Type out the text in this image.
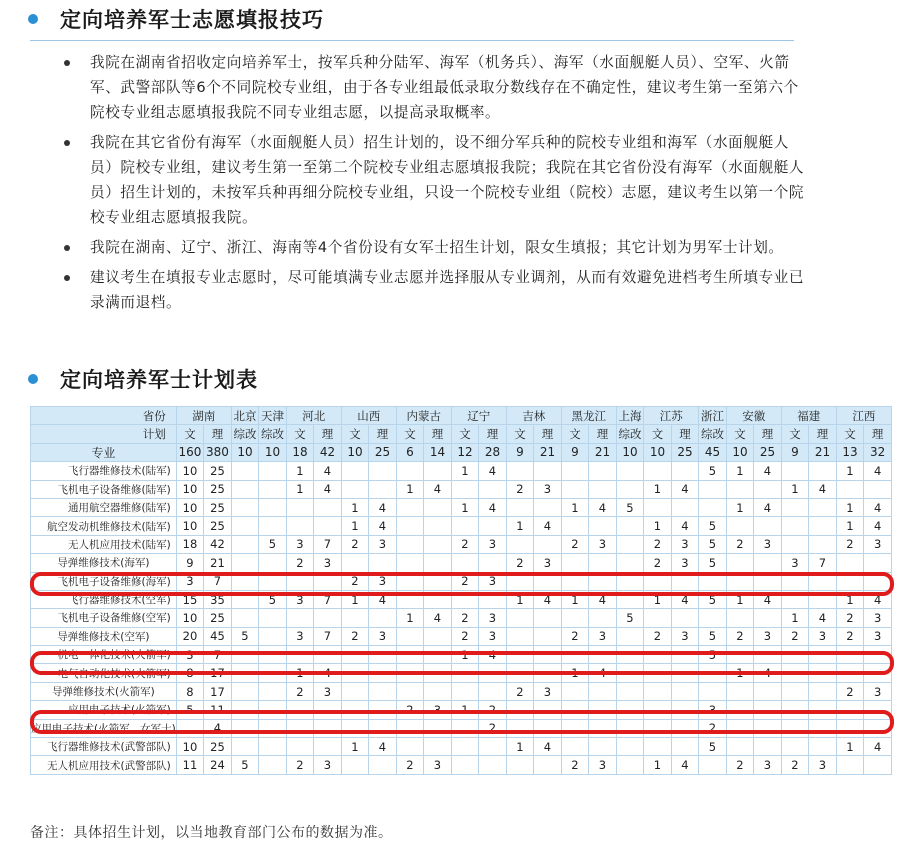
定向培养军士志愿填报技巧
我院在湖南省招收定向培养军士，按军兵种分陆军、海军（机务兵）、海军（水面舰艇人员）、空军、火箭军、武警部队等6个不同院校专业组，由于各专业组最低录取分数线存在不确定性，建议考生第一至第六个院校专业组志愿填报我院不同专业组志愿，以提高录取概率。
我院在其它省份有海军（水面舰艇人员）招生计划的，设不细分军兵种的院校专业组和海军（水面舰艇人员）院校专业组，建议考生第一至第二个院校专业组志愿填报我院；我院在其它省份没有海军（水面舰艇人员）招生计划的，未按军兵种再细分院校专业组，只设一个院校专业组（院校）志愿，建议考生以第一个院校专业组志愿填报我院。
我院在湖南、辽宁、浙江、海南等4个省份设有女军士招生计划，限女生填报；其它计划为男军士计划。
建议考生在填报专业志愿时，尽可能填满专业志愿并选择服从专业调剂，从而有效避免进档考生所填专业已录满而退档。
定向培养军士计划表
省份	湖南		北京	天津	河北		山西		内蒙古		辽宁		吉林		黑龙江		上海	江苏		浙江	安徽		福建		江西	
计划	文	理	综改	综改	文	理	文	理	文	理	文	理	文	理	文	理	综改	文	理	综改	文	理	文	理	文	理
专业	160	380	10	10	18	42	10	25	6	14	12	28	9	21	9	21	10	10	25	45	10	25	9	21	13	32
飞行器维修技术(陆军)	10	25			1	4					1	4								5	1	4			1	4
飞机电子设备维修(陆军)	10	25			1	4			1	4			2	3				1	4				1	4		
通用航空器维修(陆军)	10	25					1	4			1	4			1	4	5				1	4			1	4
航空发动机维修技术(陆军)	10	25					1	4					1	4				1	4	5					1	4
无人机应用技术(陆军)	18	42		5	3	7	2	3			2	3			2	3		2	3	5	2	3			2	3
导弹维修技术(海军)	9	21			2	3							2	3				2	3	5			3	7		
飞机电子设备维修(海军)	3	7					2	3			2	3														
飞行器维修技术(空军)	15	35		5	3	7	1	4					1	4	1	4		1	4	5	1	4			1	4
飞机电子设备维修(空军)	10	25							1	4	2	3					5						1	4	2	3
导弹维修技术(空军)	20	45	5		3	7	2	3			2	3			2	3		2	3	5	2	3	2	3	2	3
机电一体化技术(火箭军)	3	7									1	4								5						
电气自动化技术(火箭军)	8	17			1	4									1	4					1	4				
导弹维修技术(火箭军)	8	17			2	3							2	3											2	3
应用电子技术(火箭军)	5	11							2	3	1	2								3						
应用电子技术(火箭军、女军士)		4										2								2						
飞行器维修技术(武警部队)	10	25					1	4					1	4						5					1	4
无人机应用技术(武警部队)	11	24	5		2	3			2	3					2	3		1	4		2	3	2	3		
备注：具体招生计划，以当地教育部门公布的数据为准。
